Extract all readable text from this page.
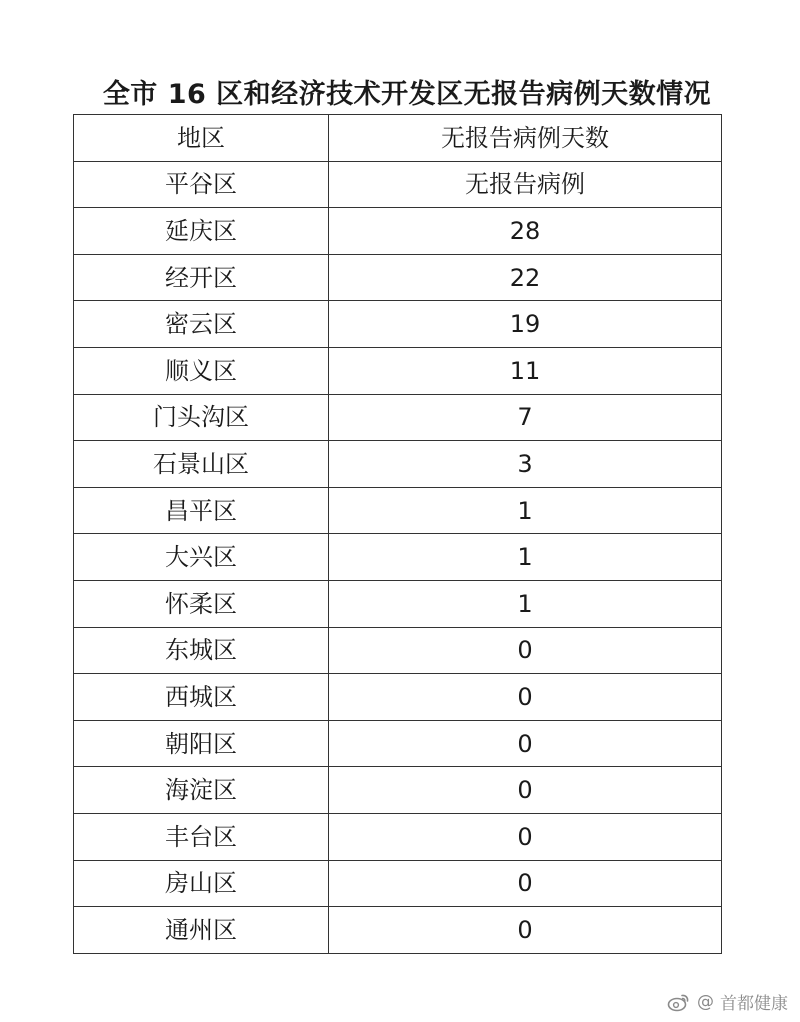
全市 16 区和经济技术开发区无报告病例天数情况
地区	无报告病例天数
平谷区	无报告病例
延庆区	28
经开区	22
密云区	19
顺义区	11
门头沟区	7
石景山区	3
昌平区	1
大兴区	1
怀柔区	1
东城区	0
西城区	0
朝阳区	0
海淀区	0
丰台区	0
房山区	0
通州区	0
@ 首都健康
